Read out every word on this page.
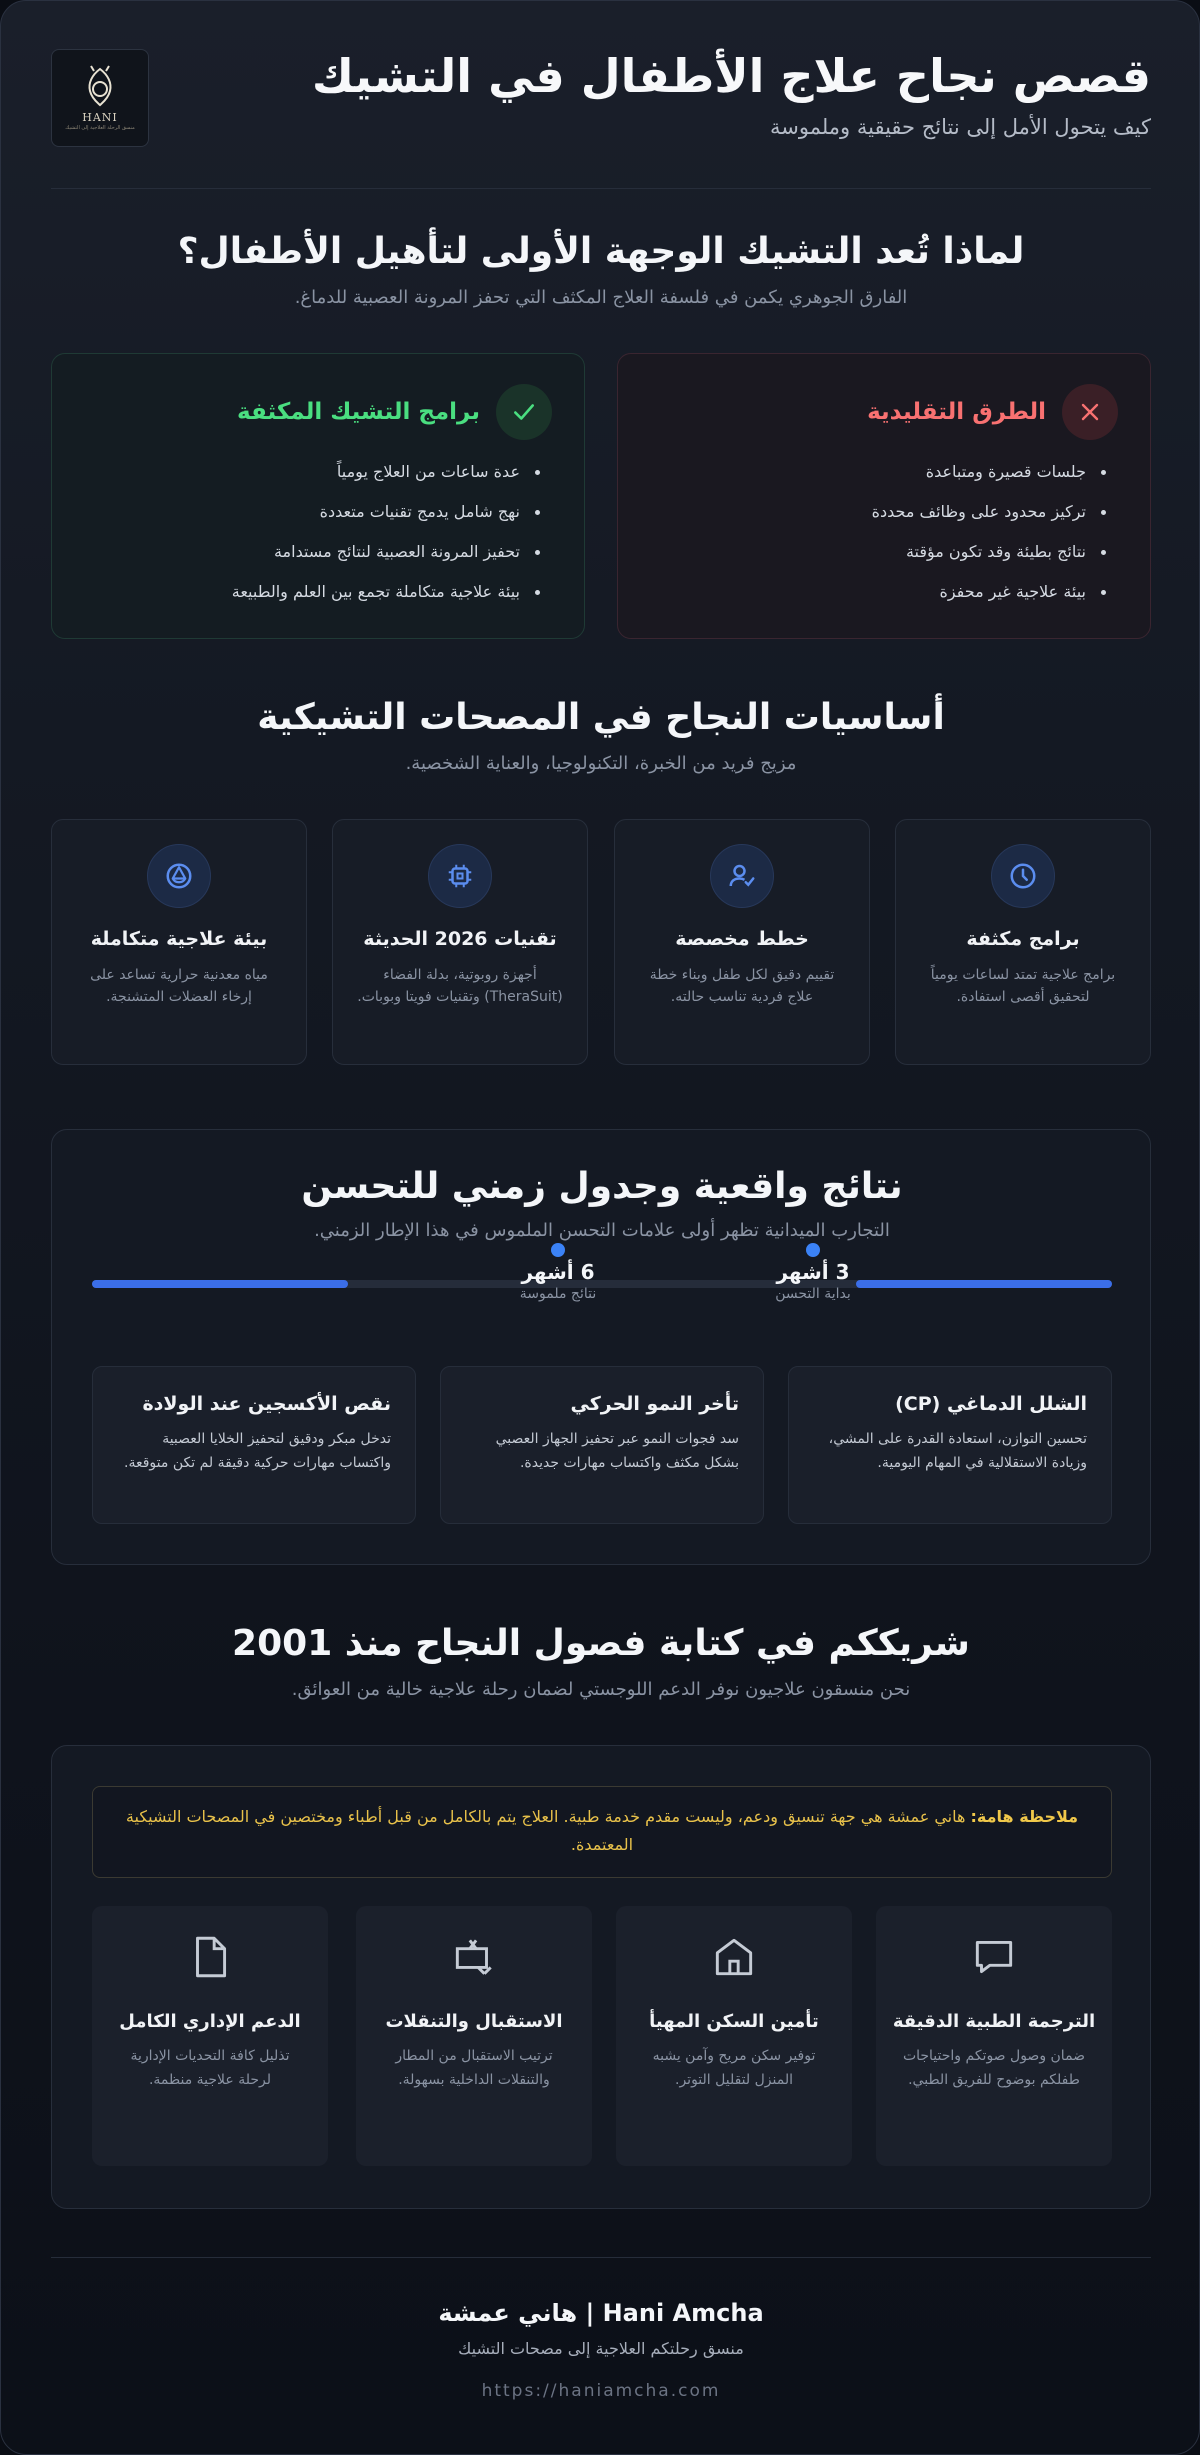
HANI
منسق الرحلة العلاجية إلى التشيك
قصص نجاح علاج الأطفال في التشيك
كيف يتحول الأمل إلى نتائج حقيقية وملموسة
لماذا تُعد التشيك الوجهة الأولى لتأهيل الأطفال؟
الفارق الجوهري يكمن في فلسفة العلاج المكثف التي تحفز المرونة العصبية للدماغ.
الطرق التقليدية
جلسات قصيرة ومتباعدة
تركيز محدود على وظائف محددة
نتائج بطيئة وقد تكون مؤقتة
بيئة علاجية غير محفزة
برامج التشيك المكثفة
عدة ساعات من العلاج يومياً
نهج شامل يدمج تقنيات متعددة
تحفيز المرونة العصبية لنتائج مستدامة
بيئة علاجية متكاملة تجمع بين العلم والطبيعة
أساسيات النجاح في المصحات التشيكية
مزيج فريد من الخبرة، التكنولوجيا، والعناية الشخصية.
برامج مكثفة
برامج علاجية تمتد لساعات يومياً لتحقيق أقصى استفادة.
خطط مخصصة
تقييم دقيق لكل طفل وبناء خطة علاج فردية تناسب حالته.
تقنيات 2026 الحديثة
أجهزة روبوتية، بدلة الفضاء (TheraSuit) وتقنيات فويتا وبوبات.
بيئة علاجية متكاملة
مياه معدنية حرارية تساعد على إرخاء العضلات المتشنجة.
نتائج واقعية وجدول زمني للتحسن
التجارب الميدانية تظهر أولى علامات التحسن الملموس في هذا الإطار الزمني.
3 أشهر
بداية التحسن
6 أشهر
نتائج ملموسة
الشلل الدماغي (CP)
تحسين التوازن، استعادة القدرة على المشي، وزيادة الاستقلالية في المهام اليومية.
تأخر النمو الحركي
سد فجوات النمو عبر تحفيز الجهاز العصبي بشكل مكثف واكتساب مهارات جديدة.
نقص الأكسجين عند الولادة
تدخل مبكر ودقيق لتحفيز الخلايا العصبية واكتساب مهارات حركية دقيقة لم تكن متوقعة.
شريككم في كتابة فصول النجاح منذ 2001
نحن منسقون علاجيون نوفر الدعم اللوجستي لضمان رحلة علاجية خالية من العوائق.
ملاحظة هامة: هاني عمشة هي جهة تنسيق ودعم، وليست مقدم خدمة طبية. العلاج يتم بالكامل من قبل أطباء ومختصين في المصحات التشيكية المعتمدة.
الترجمة الطبية الدقيقة
ضمان وصول صوتكم واحتياجات طفلكم بوضوح للفريق الطبي.
تأمين السكن المهيأ
توفير سكن مريح وآمن يشبه المنزل لتقليل التوتر.
الاستقبال والتنقلات
ترتيب الاستقبال من المطار والتنقلات الداخلية بسهولة.
الدعم الإداري الكامل
تذليل كافة التحديات الإدارية لرحلة علاجية منظمة.
Hani Amcha | هاني عمشة
منسق رحلتكم العلاجية إلى مصحات التشيك
https://haniamcha.com
